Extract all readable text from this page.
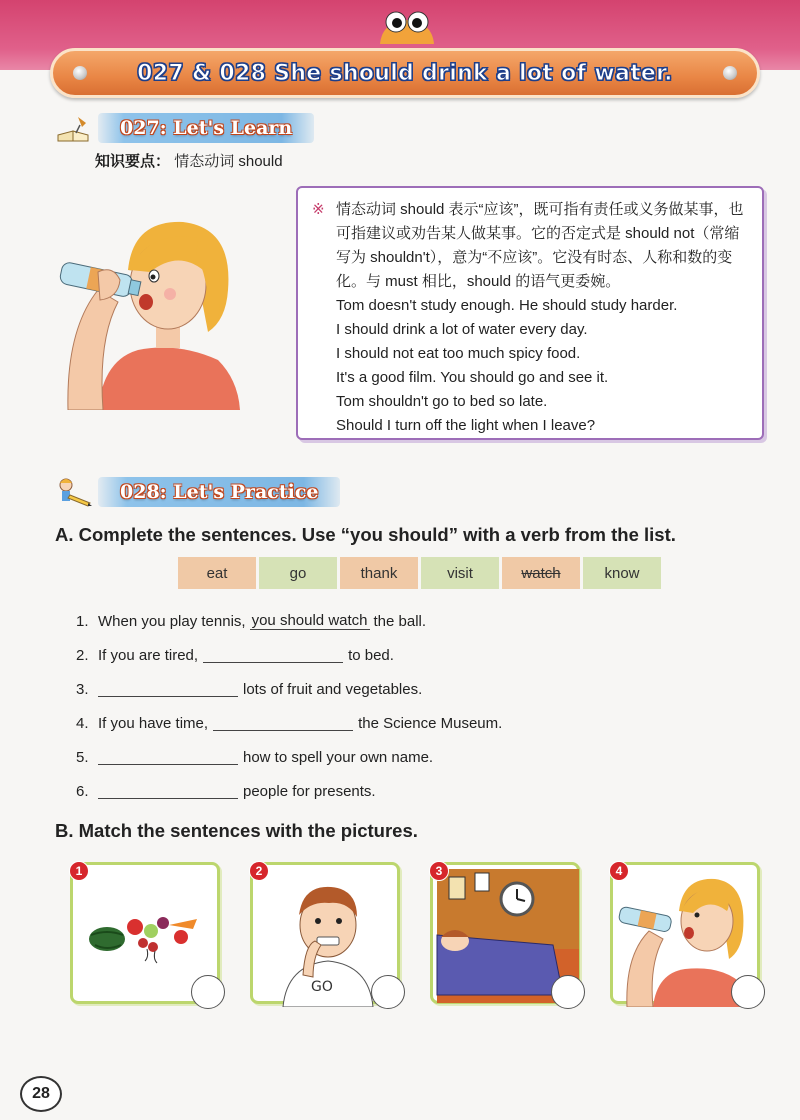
027 & 028 She should drink a lot of water.
027: Let's Learn
知识要点： 情态动词 should
※ 情态动词 should 表示“应该”，既可指有责任或义务做某事，也可指建议或劝告某人做某事。它的否定式是 should not（常缩写为 shouldn't），意为“不应该”。它没有时态、人称和数的变化。与 must 相比，should 的语气更委婉。
Tom doesn't study enough. He should study harder.
I should drink a lot of water every day.
I should not eat too much spicy food.
It's a good film. You should go and see it.
Tom shouldn't go to bed so late.
Should I turn off the light when I leave?
028: Let's Practice
A. Complete the sentences. Use “you should” with a verb from the list.
eat	go	thank	visit	watch	know
1. When you play tennis, you should watch the ball.
2. If you are tired,	to bed.
3.	lots of fruit and vegetables.
4. If you have time,	the Science Museum.
5.	how to spell your own name.
6.	people for presents.
B. Match the sentences with the pictures.
1
GO
2	3	4
28
